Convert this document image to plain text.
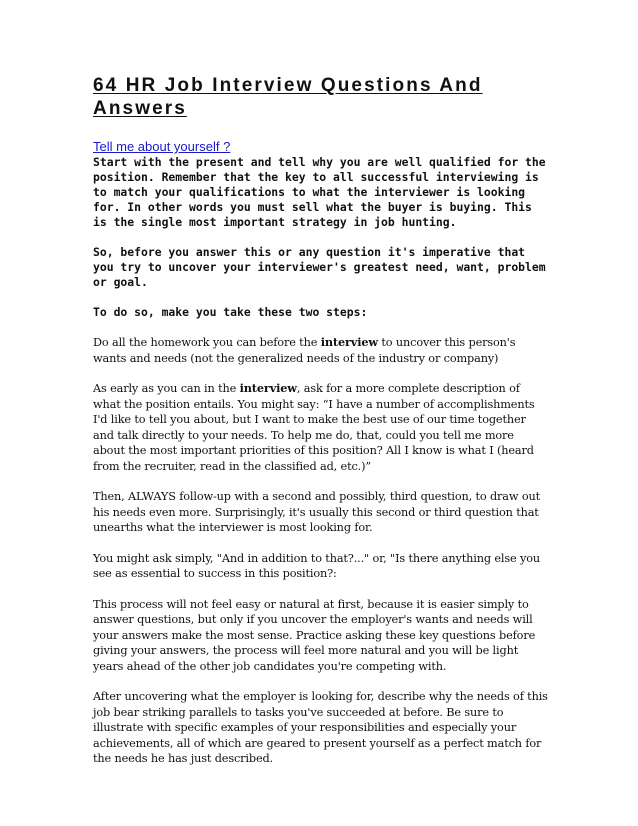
64 HR Job Interview Questions And
Answers
Tell me about yourself ?

Start with the present and tell why you are well qualified for the position. Remember that the key to all successful interviewing is to match your qualifications to what the interviewer is looking for. In other words you must sell what the buyer is buying. This is the single most important strategy in job hunting.

So, before you answer this or any question it's imperative that you try to uncover your interviewer's greatest need, want, problem or goal.

To do so, make you take these two steps:

Do all the homework you can before the interview to uncover this person's wants and needs (not the generalized needs of the industry or company)

As early as you can in the interview, ask for a more complete description of what the position entails. You might say: “I have a number of accomplishments I'd like to tell you about, but I want to make the best use of our time together and talk directly to your needs. To help me do, that, could you tell me more about the most important priorities of this position? All I know is what I (heard from the recruiter, read in the classified ad, etc.)”

Then, ALWAYS follow-up with a second and possibly, third question, to draw out his needs even more. Surprisingly, it's usually this second or third question that unearths what the interviewer is most looking for.

You might ask simply, "And in addition to that?..." or, "Is there anything else you see as essential to success in this position?:

This process will not feel easy or natural at first, because it is easier simply to answer questions, but only if you uncover the employer's wants and needs will your answers make the most sense. Practice asking these key questions before giving your answers, the process will feel more natural and you will be light years ahead of the other job candidates you're competing with.

After uncovering what the employer is looking for, describe why the needs of this job bear striking parallels to tasks you've succeeded at before. Be sure to illustrate with specific examples of your responsibilities and especially your achievements, all of which are geared to present yourself as a perfect match for the needs he has just described.
